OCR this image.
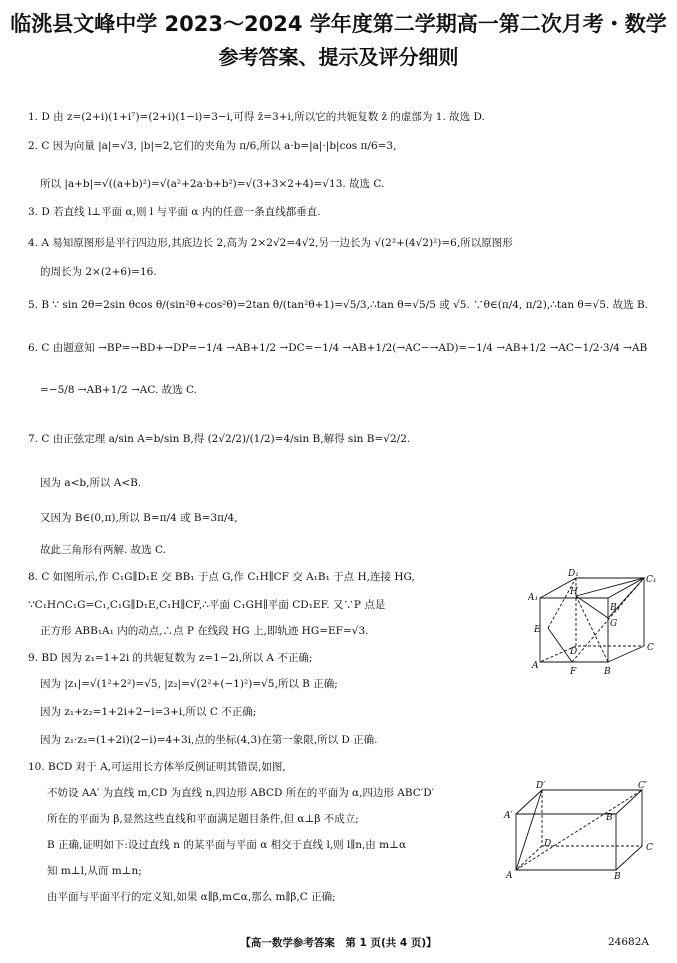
临洮县文峰中学 2023～2024 学年度第二学期高一第二次月考・数学
参考答案、提示及评分细则
1. D 由 z=(2+i)(1+i⁷)=(2+i)(1−i)=3−i,可得 z̄=3+i,所以它的共轭复数 z̄ 的虚部为 1. 故选 D.
2. C 因为向量 |a|=√3, |b|=2,它们的夹角为 π/6,所以 a·b=|a|·|b|cos π/6=3,
所以 |a+b|=√((a+b)²)=√(a²+2a·b+b²)=√(3+3×2+4)=√13. 故选 C.
3. D 若直线 l⊥平面 α,则 l 与平面 α 内的任意一条直线都垂直.
4. A 易知原图形是平行四边形,其底边长 2,高为 2×2√2=4√2,另一边长为 √(2²+(4√2)²)=6,所以原图形
的周长为 2×(2+6)=16.
5. B ∵ sin 2θ=2sin θcos θ/(sin²θ+cos²θ)=2tan θ/(tan²θ+1)=√5/3,∴tan θ=√5/5 或 √5. ∵θ∈(π/4, π/2),∴tan θ=√5. 故选 B.
6. C 由题意知 →BP=→BD+→DP=−1/4 →AB+1/2 →DC=−1/4 →AB+1/2(→AC−→AD)=−1/4 →AB+1/2 →AC−1/2·3/4 →AB
=−5/8 →AB+1/2 →AC. 故选 C.
7. C 由正弦定理 a/sin A=b/sin B,得 (2√2/2)/(1/2)=4/sin B,解得 sin B=√2/2.
因为 a<b,所以 A<B.
又因为 B∈(0,π),所以 B=π/4 或 B=3π/4,
故此三角形有两解. 故选 C.
8. C 如图所示,作 C₁G∥D₁E 交 BB₁ 于点 G,作 C₁H∥CF 交 A₁B₁ 于点 H,连接 HG,
∵C₁H∩C₁G=C₁,C₁G∥D₁E,C₁H∥CF,∴平面 C₁GH∥平面 CD₁EF. 又∵P 点是
正方形 ABB₁A₁ 内的动点,∴点 P 在线段 HG 上,即轨迹 HG=EF=√3.
9. BD 因为 z₁=1+2i 的共轭复数为 z=1−2i,所以 A 不正确;
因为 |z₁|=√(1²+2²)=√5, |z₂|=√(2²+(−1)²)=√5,所以 B 正确;
因为 z₁+z₂=1+2i+2−i=3+i,所以 C 不正确;
因为 z₁·z₂=(1+2i)(2−i)=4+3i,点的坐标(4,3)在第一象限,所以 D 正确.
10. BCD 对于 A,可运用长方体举反例证明其错误,如图,
不妨设 AA′ 为直线 m,CD 为直线 n,四边形 ABCD 所在的平面为 α,四边形 ABC′D′
所在的平面为 β,显然这些直线和平面满足题目条件,但 α⊥β 不成立;
B 正确,证明如下:设过直线 n 的某平面与平面 α 相交于直线 l,则 l∥n,由 m⊥α
知 m⊥l,从而 m⊥n;
由平面与平面平行的定义知,如果 α∥β,m⊂α,那么 m∥β,C 正确;
D₁
C₁
A₁
H
B₁
G
E
D	C
A
F	B
D′	C′
A′	B′
D	C
A	B
【高一数学参考答案　第 1 页(共 4 页)】	24682A
